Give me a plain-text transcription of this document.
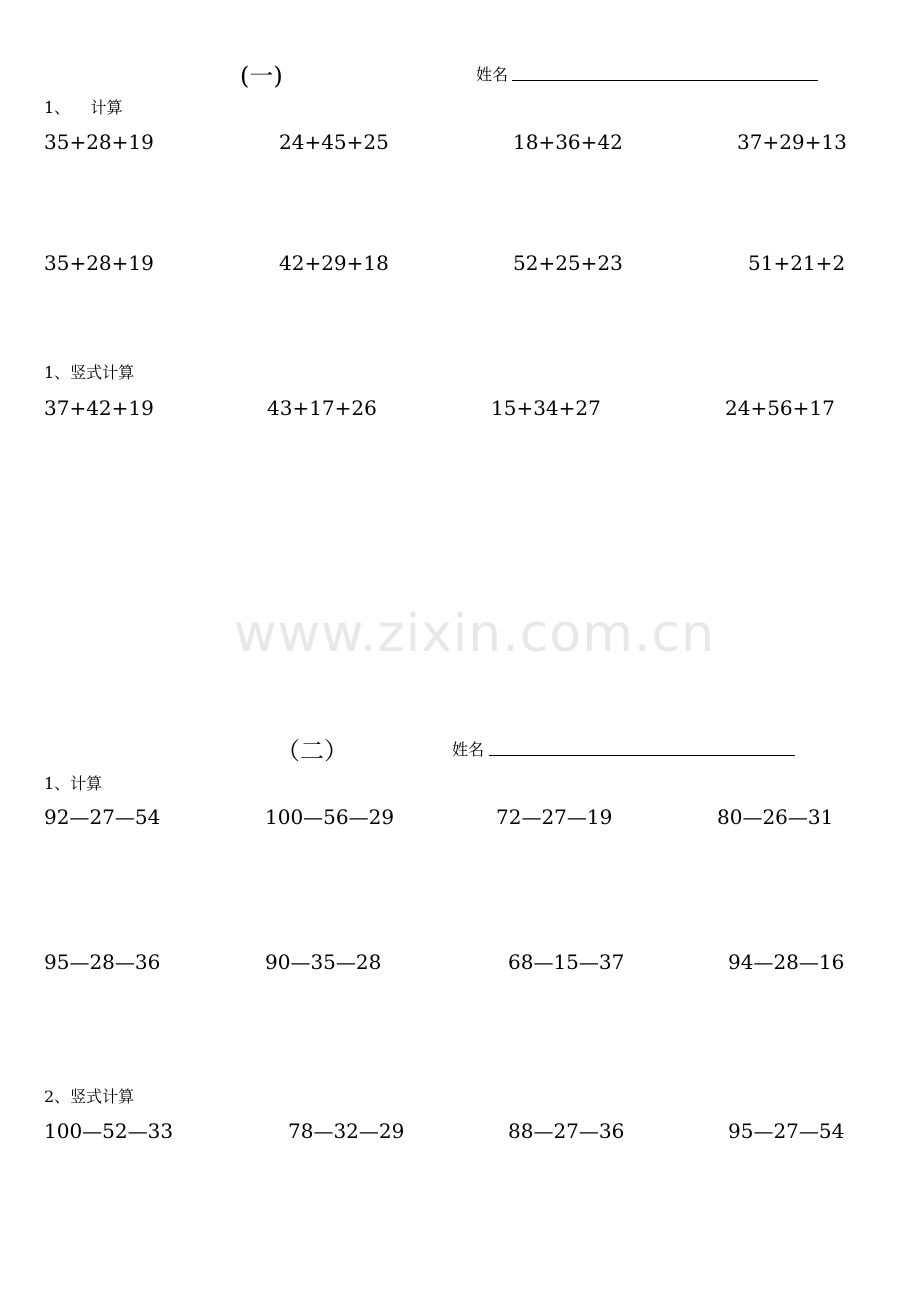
(一)	姓名
1、    计算
35+28+19	24+45+25	18+36+42	37+29+13
35+28+19	42+29+18	52+25+23	51+21+2
1、竖式计算
37+42+19	43+17+26	15+34+27	24+56+17
www.zixin.com.cn
（二）	姓名
1、计算
92—27—54	100—56—29	72—27—19	80—26—31
95—28—36	90—35—28	68—15—37	94—28—16
2、竖式计算
100—52—33	78—32—29	88—27—36	95—27—54
